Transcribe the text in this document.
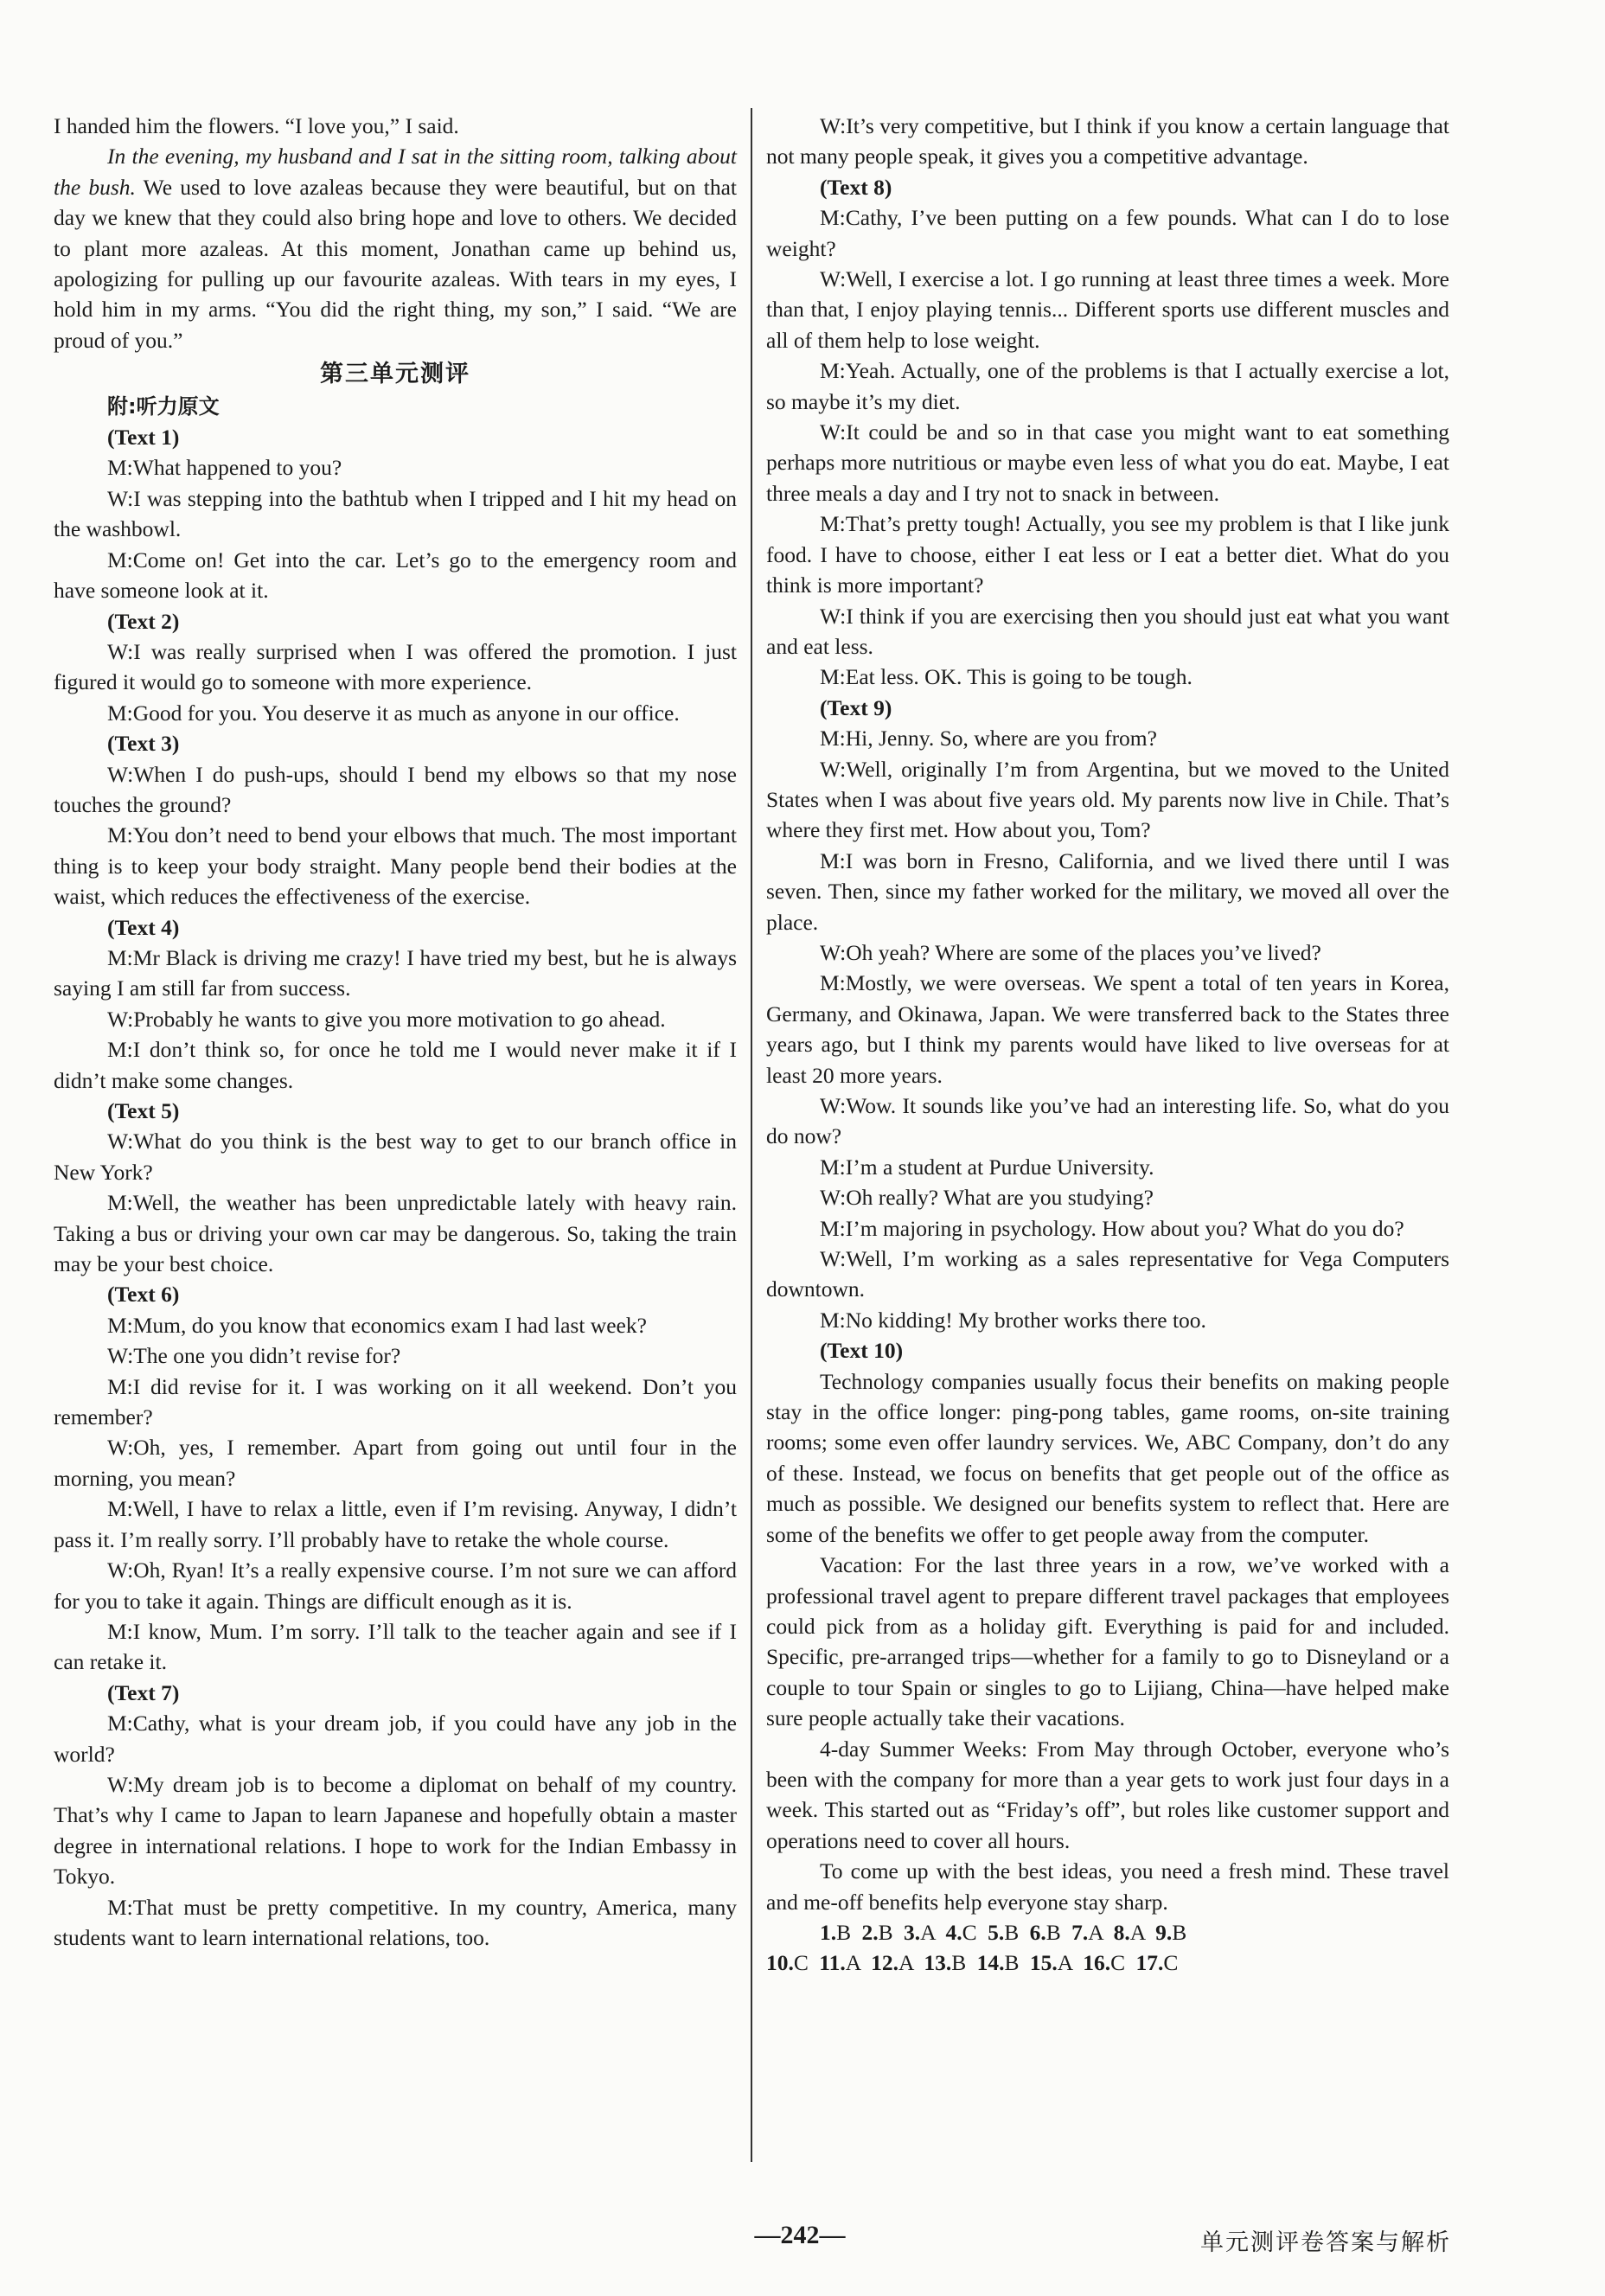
I handed him the flowers. “I love you,” I said.

In the evening, my husband and I sat in the sitting room, talking about the bush. We used to love azaleas because they were beautiful, but on that day we knew that they could also bring hope and love to others. We decided to plant more azaleas. At this moment, Jonathan came up behind us, apologizing for pulling up our favourite azaleas. With tears in my eyes, I hold him in my arms. “You did the right thing, my son,” I said. “We are proud of you.”

第三单元测评

附:听力原文

(Text 1)

M:What happened to you?

W:I was stepping into the bathtub when I tripped and I hit my head on the washbowl.

M:Come on! Get into the car. Let’s go to the emergency room and have someone look at it.

(Text 2)

W:I was really surprised when I was offered the promotion. I just figured it would go to someone with more experience.

M:Good for you. You deserve it as much as anyone in our office.

(Text 3)

W:When I do push-ups, should I bend my elbows so that my nose touches the ground?

M:You don’t need to bend your elbows that much. The most important thing is to keep your body straight. Many people bend their bodies at the waist, which reduces the effectiveness of the exercise.

(Text 4)

M:Mr Black is driving me crazy! I have tried my best, but he is always saying I am still far from success.

W:Probably he wants to give you more motivation to go ahead.

M:I don’t think so, for once he told me I would never make it if I didn’t make some changes.

(Text 5)

W:What do you think is the best way to get to our branch office in New York?

M:Well, the weather has been unpredictable lately with heavy rain. Taking a bus or driving your own car may be dangerous. So, taking the train may be your best choice.

(Text 6)

M:Mum, do you know that economics exam I had last week?

W:The one you didn’t revise for?

M:I did revise for it. I was working on it all weekend. Don’t you remember?

W:Oh, yes, I remember. Apart from going out until four in the morning, you mean?

M:Well, I have to relax a little, even if I’m revising. Anyway, I didn’t pass it. I’m really sorry. I’ll probably have to retake the whole course.

W:Oh, Ryan! It’s a really expensive course. I’m not sure we can afford for you to take it again. Things are difficult enough as it is.

M:I know, Mum. I’m sorry. I’ll talk to the teacher again and see if I can retake it.

(Text 7)

M:Cathy, what is your dream job, if you could have any job in the world?

W:My dream job is to become a diplomat on behalf of my country. That’s why I came to Japan to learn Japanese and hopefully obtain a master degree in international relations. I hope to work for the Indian Embassy in Tokyo.

M:That must be pretty competitive. In my country, America, many students want to learn international relations, too.

W:It’s very competitive, but I think if you know a certain language that not many people speak, it gives you a competitive advantage.

(Text 8)

M:Cathy, I’ve been putting on a few pounds. What can I do to lose weight?

W:Well, I exercise a lot. I go running at least three times a week. More than that, I enjoy playing tennis... Different sports use different muscles and all of them help to lose weight.

M:Yeah. Actually, one of the problems is that I actually exercise a lot, so maybe it’s my diet.

W:It could be and so in that case you might want to eat something perhaps more nutritious or maybe even less of what you do eat. Maybe, I eat three meals a day and I try not to snack in between.

M:That’s pretty tough! Actually, you see my problem is that I like junk food. I have to choose, either I eat less or I eat a better diet. What do you think is more important?

W:I think if you are exercising then you should just eat what you want and eat less.

M:Eat less. OK. This is going to be tough.

(Text 9)

M:Hi, Jenny. So, where are you from?

W:Well, originally I’m from Argentina, but we moved to the United States when I was about five years old. My parents now live in Chile. That’s where they first met. How about you, Tom?

M:I was born in Fresno, California, and we lived there until I was seven. Then, since my father worked for the military, we moved all over the place.

W:Oh yeah? Where are some of the places you’ve lived?

M:Mostly, we were overseas. We spent a total of ten years in Korea, Germany, and Okinawa, Japan. We were transferred back to the States three years ago, but I think my parents would have liked to live overseas for at least 20 more years.

W:Wow. It sounds like you’ve had an interesting life. So, what do you do now?

M:I’m a student at Purdue University.

W:Oh really? What are you studying?

M:I’m majoring in psychology. How about you? What do you do?

W:Well, I’m working as a sales representative for Vega Computers downtown.

M:No kidding! My brother works there too.

(Text 10)

Technology companies usually focus their benefits on making people stay in the office longer: ping-pong tables, game rooms, on-site training rooms; some even offer laundry services. We, ABC Company, don’t do any of these. Instead, we focus on benefits that get people out of the office as much as possible. We designed our benefits system to reflect that. Here are some of the benefits we offer to get people away from the computer.

Vacation: For the last three years in a row, we’ve worked with a professional travel agent to prepare different travel packages that employees could pick from as a holiday gift. Everything is paid for and included. Specific, pre-arranged trips—whether for a family to go to Disneyland or a couple to tour Spain or singles to go to Lijiang, China—have helped make sure people actually take their vacations.

4-day Summer Weeks: From May through October, everyone who’s been with the company for more than a year gets to work just four days in a week. This started out as “Friday’s off”, but roles like customer support and operations need to cover all hours.

To come up with the best ideas, you need a fresh mind. These travel and me-off benefits help everyone stay sharp.

1.B 2.B 3.A 4.C 5.B 6.B 7.A 8.A 9.B

10.C 11.A 12.A 13.B 14.B 15.A 16.C 17.C

—242—	单元测评卷答案与解析
